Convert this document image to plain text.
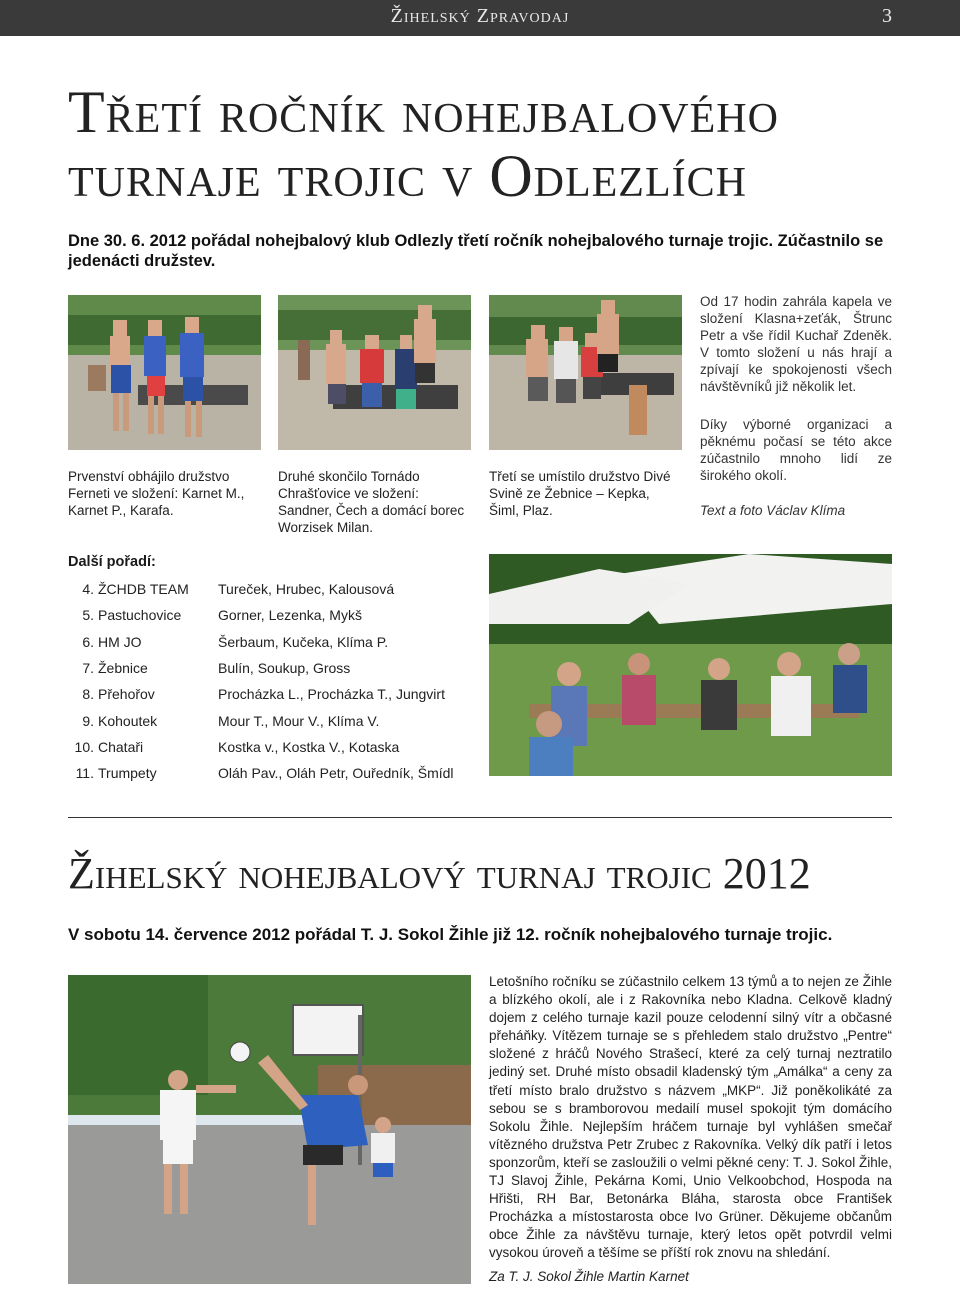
Žihelský Zpravodaj	3
Třetí ročník nohejbalového
turnaje trojic v Odlezlích

Dne 30. 6. 2012 pořádal nohejbalový klub Odlezly třetí ročník nohejbalového turnaje trojic. Zúčastnilo se jedenácti družstev.

Prvenství obhájilo družstvo Ferneti ve složení: Karnet M., Karnet P., Karafa.

Druhé skončilo Tornádo Chrašťovice ve složení: Sandner, Čech a domácí borec Worzisek Milan.

Třetí se umístilo družstvo Divé Svině ze Žebnice – Kepka, Šiml, Plaz.

Od 17 hodin zahrála kapela ve složení Klasna+zeťák, Štrunc Petr a vše řídil Kuchař Zdeněk. V tomto složení u nás hrají a zpívají ke spokojenosti všech návštěvníků již několik let.

Díky výborné organizaci a pěknému počasí se této akce zúčastnilo mnoho lidí ze širokého okolí.

Text a foto Václav Klíma

Další pořadí:

4. ŽCHDB TEAM	Tureček, Hrubec, Kalousová
5. Pastuchovice	Gorner, Lezenka, Mykš
6. HM JO	Šerbaum, Kučeka, Klíma P.
7. Žebnice	Bulín, Soukup, Gross
8. Přehořov	Procházka L., Procházka T., Jungvirt
9. Kohoutek	Mour T., Mour V., Klíma V.
10. Chataři	Kostka v., Kostka V., Kotaska
11. Trumpety	Oláh Pav., Oláh Petr, Ouředník, Šmídl
Žihelský nohejbalový turnaj trojic 2012

V sobotu 14. července 2012 pořádal T. J. Sokol Žihle již 12. ročník nohejbalového turnaje trojic.

Letošního ročníku se zúčastnilo celkem 13 týmů a to nejen ze Žihle a blízkého okolí, ale i z Rakovníka nebo Kladna. Celkově kladný dojem z celého turnaje kazil pouze celodenní silný vítr a občasné přeháňky. Vítězem turnaje se s přehledem stalo družstvo „Pentre“ složené z hráčů Nového Strašecí, které za celý turnaj neztratilo jediný set. Druhé místo obsadil kladenský tým „Amálka“ a ceny za třetí místo bralo družstvo s názvem „MKP“. Již poněkolikáté za sebou se s bramborovou medailí musel spokojit tým domácího Sokolu Žihle. Nejlepším hráčem turnaje byl vyhlášen smečař vítězného družstva Petr Zrubec z Rakovníka. Velký dík patří i letos sponzorům, kteří se zasloužili o velmi pěkné ceny: T. J. Sokol Žihle, TJ Slavoj Žihle, Pekárna Komi, Unio Velkoobchod, Hospoda na Hřišti, RH Bar, Betonárka Bláha, starosta obce František Procházka a místostarosta obce Ivo Grüner. Děkujeme občanům obce Žihle za návštěvu turnaje, který letos opět potvrdil velmi vysokou úroveň a těšíme se příští rok znovu na shledání.

Za T. J. Sokol Žihle Martin Karnet
